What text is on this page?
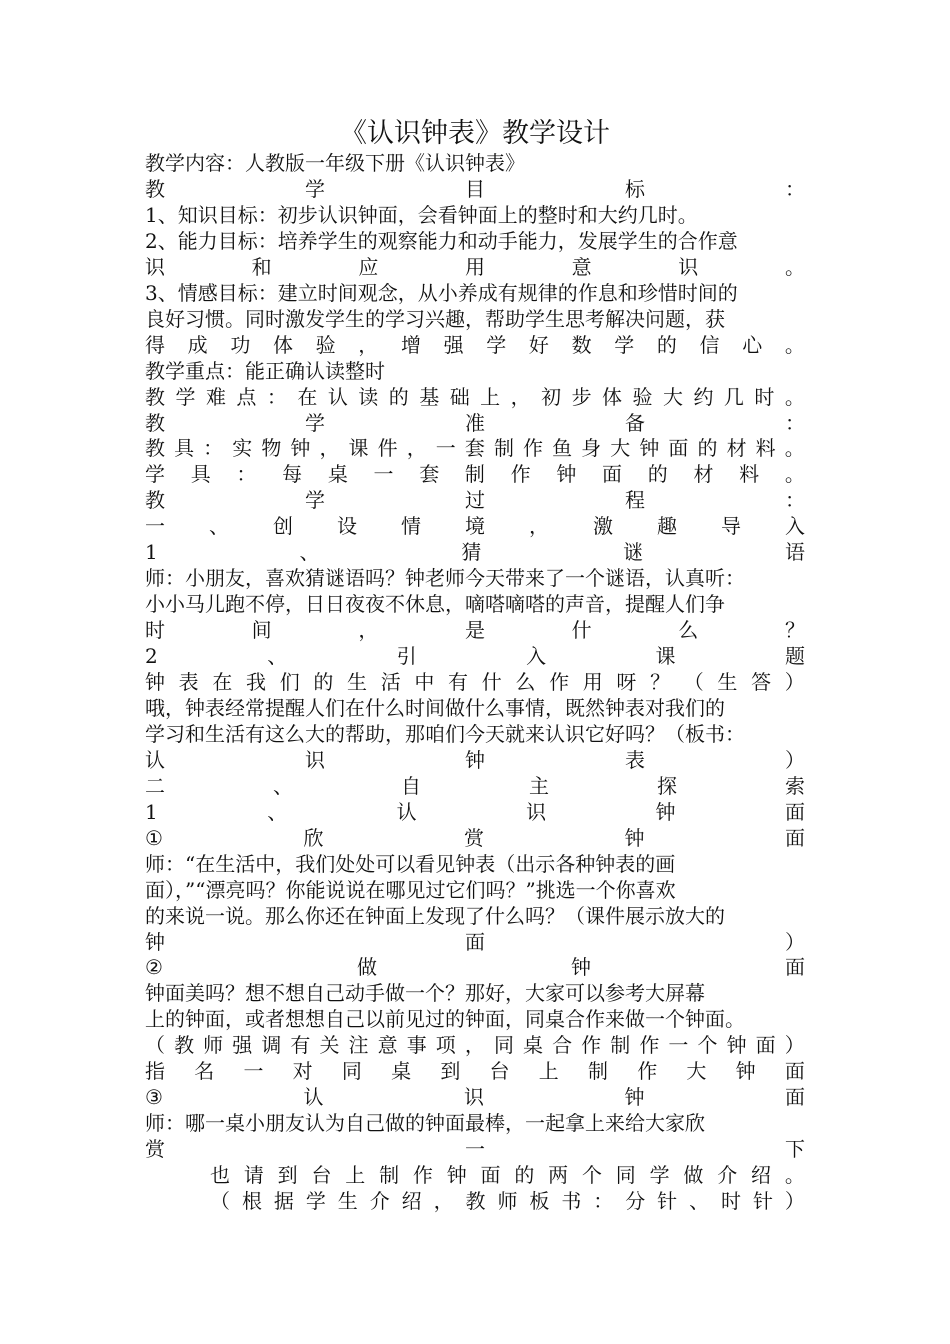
《认识钟表》教学设计
教学内容：人教版一年级下册《认识钟表》
教	学	目	标	：
1、知识目标：初步认识钟面，会看钟面上的整时和大约几时。
2、能力目标：培养学生的观察能力和动手能力，发展学生的合作意
识	和	应	用	意	识	。
3、情感目标：建立时间观念，从小养成有规律的作息和珍惜时间的
良好习惯。同时激发学生的学习兴趣，帮助学生思考解决问题，获
得 成 功 体 验 ， 增 强 学 好 数 学 的 信 心 。
教学重点：能正确认读整时
教 学 难 点 ： 在 认 读 的 基 础 上 ， 初 步 体 验 大 约 几 时 。
教	学	准	备	：
教 具 ： 实 物 钟 ， 课 件 ， 一 套 制 作 鱼 身 大 钟 面 的 材 料 。
学 具 ： 每 桌 一 套 制 作 钟 面 的 材 料 。
教	学	过	程	：
一 、 创 设 情 境 ， 激 趣 导 入
1	、	猜	谜	语
师：小朋友，喜欢猜谜语吗？钟老师今天带来了一个谜语，认真听：
小小马儿跑不停，日日夜夜不休息，嘀嗒嘀嗒的声音，提醒人们争
时	间	，	是	什	么	？
2	、	引	入	课	题
钟 表 在 我 们 的 生 活 中 有 什 么 作 用 呀 ？ （ 生 答 ）
哦，钟表经常提醒人们在什么时间做什么事情，既然钟表对我们的
学习和生活有这么大的帮助，那咱们今天就来认识它好吗？（板书：
认	识	钟	表	）
二	、	自	主	探	索
1	、	认	识	钟	面
①	欣	赏	钟	面
师：“在生活中，我们处处可以看见钟表（出示各种钟表的画
面），”“漂亮吗？你能说说在哪见过它们吗？”挑选一个你喜欢
的来说一说。那么你还在钟面上发现了什么吗？（课件展示放大的
钟	面	）
②	做	钟	面
钟面美吗？想不想自己动手做一个？那好，大家可以参考大屏幕
上的钟面，或者想想自己以前见过的钟面，同桌合作来做一个钟面。
（ 教 师 强 调 有 关 注 意 事 项 ， 同 桌 合 作 制 作 一 个 钟 面 ）
指 名 一 对 同 桌 到 台 上 制 作 大 钟 面
③	认	识	钟	面
师：哪一桌小朋友认为自己做的钟面最棒，一起拿上来给大家欣
赏	一	下
也 请 到 台 上 制 作 钟 面 的 两 个 同 学 做 介 绍 。
（ 根 据 学 生 介 绍 ， 教 师 板 书 ： 分 针 、 时 针 ）
